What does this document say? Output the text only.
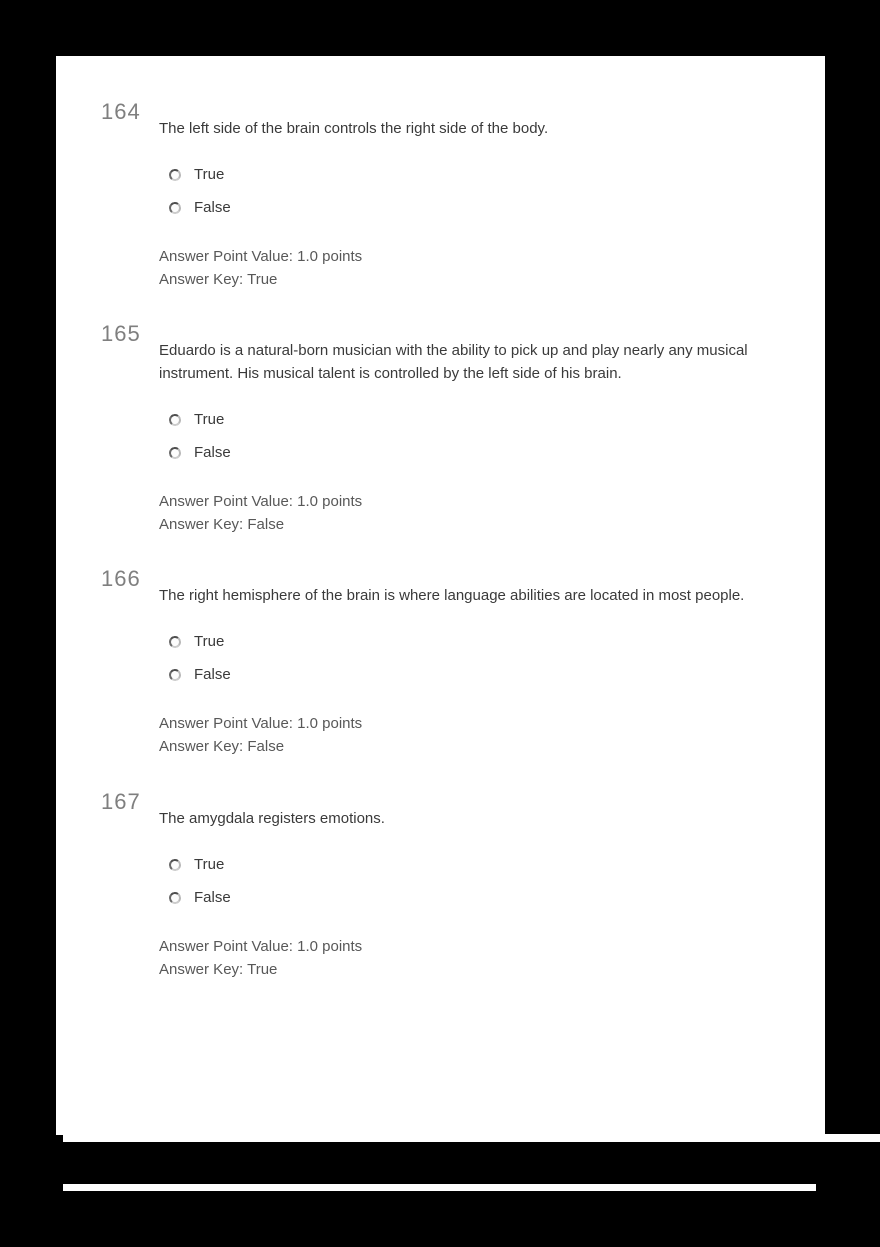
164

The left side of the brain controls the right side of the body.

True
False
Answer Point Value: 1.0 points
Answer Key: True
165

Eduardo is a natural-born musician with the ability to pick up and play nearly any musical instrument. His musical talent is controlled by the left side of his brain.

True
False
Answer Point Value: 1.0 points
Answer Key: False
166

The right hemisphere of the brain is where language abilities are located in most people.

True
False
Answer Point Value: 1.0 points
Answer Key: False
167

The amygdala registers emotions.

True
False
Answer Point Value: 1.0 points
Answer Key: True
